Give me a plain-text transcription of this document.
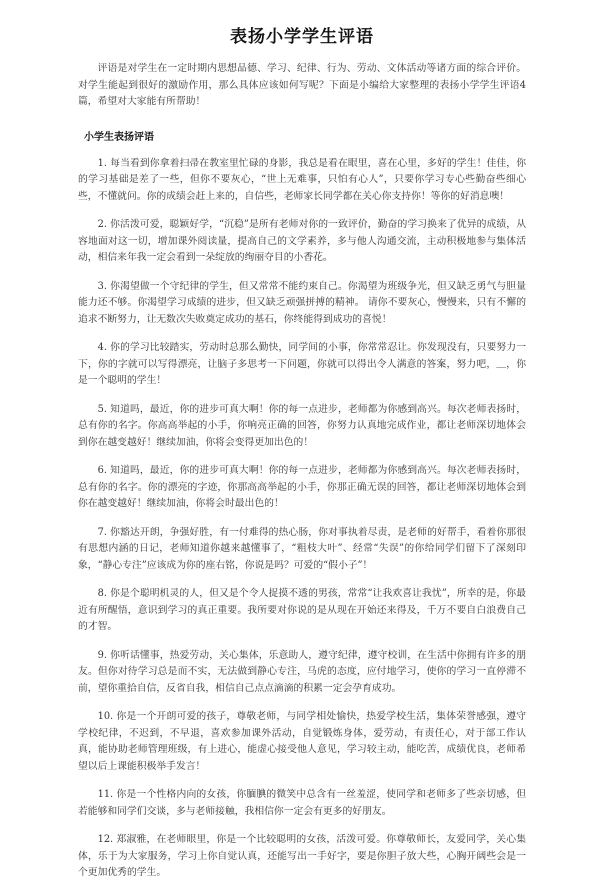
表扬小学学生评语

评语是对学生在一定时期内思想品德、学习、纪律、行为、劳动、文体活动等诸方面的综合评价。对学生能起到很好的激励作用，那么具体应该如何写呢？下面是小编给大家整理的表扬小学学生评语4篇，希望对大家能有所帮助！

小学生表扬评语

1. 每当看到你拿着扫帚在教室里忙碌的身影，我总是看在眼里，喜在心里，多好的学生！佳佳，你的学习基础是差了一些，但你不要灰心，“世上无难事，只怕有心人”，只要你学习专心些勤奋些细心些，不懂就问。你的成绩会赶上来的，自信些，老师家长同学都在关心你支持你！等你的好消息噢！

2. 你活泼可爱，聪颖好学，“沉稳”是所有老师对你的一致评价，勤奋的学习换来了优异的成绩，从容地面对这一切，增加课外阅读量，提高自己的文学素养，多与他人沟通交流，主动积极地参与集体活动，相信来年我一定会看到一朵绽放的绚丽夺目的小香花。

3. 你渴望做一个守纪律的学生，但又常常不能约束自己。你渴望为班级争光，但又缺乏勇气与胆量能力还不够。你渴望学习成绩的进步，但又缺乏顽强拼搏的精神。 请你不要灰心，慢慢来，只有不懈的追求不断努力，让无数次失败奠定成功的基石，你终能得到成功的喜悦！

4. 你的学习比较踏实，劳动时总那么勤快，同学间的小事，你常常忍让。你发现没有，只要努力一下，你的字就可以写得漂亮，让脑子多思考一下问题，你就可以得出令人满意的答案，努力吧，＿，你是一个聪明的学生！

5. 知道吗，最近，你的进步可真大啊！你的每一点进步，老师都为你感到高兴。每次老师表扬时，总有你的名字。你高高举起的小手，你响亮正确的回答，你努力认真地完成作业，都让老师深切地体会到你在越变越好！继续加油，你将会变得更加出色的！

6. 知道吗，最近，你的进步可真大啊！你的每一点进步，老师都为你感到高兴。每次老师表扬时，总有你的名字。你的漂亮的字迹，你那高高举起的小手，你那正确无误的回答，都让老师深切地体会到你在越变越好！继续加油，你将会时最出色的！

7. 你豁达开朗，争强好胜，有一付难得的热心肠，你对事执着尽责，是老师的好帮手，看着你那很有思想内涵的日记，老师知道你越来越懂事了，“粗枝大叶”、经常“失误”的你给同学们留下了深刻印象，“静心专注”应该成为你的座右铭，你说是吗？可爱的“假小子”！

8. 你是个聪明机灵的人，但又是个令人捉摸不透的男孩，常常“让我欢喜让我忧”，所幸的是，你最近有所醒悟，意识到学习的真正重要。我所要对你说的是从现在开始还来得及，千万不要自白浪费自己的才智。

9. 你听话懂事，热爱劳动，关心集体，乐意助人，遵守纪律，遵守校训，在生活中你拥有许多的朋友。但你对待学习总是而不实，无法做到静心专注，马虎的态度，应付地学习，使你的学习一直停滞不前，望你重拾自信，反省自我，相信自己点点滴滴的积累一定会孕育成功。

10. 你是一个开朗可爱的孩子，尊敬老师，与同学相处愉快，热爱学校生活，集体荣誉感强，遵守学校纪律，不迟到，不早退，喜欢参加课外活动，自觉锻炼身体，爱劳动，有责任心，对于部工作认真，能协助老师管理班级，有上进心，能虚心接受他人意见，学习较主动，能吃苦，成绩优良，老师希望以后上课能积极举手发言！

11. 你是一个性格内向的女孩，你腼腆的微笑中总含有一丝羞涩，使同学和老师多了些亲切感，但若能够和同学们交谈，多与老师接触，我相信你一定会有更多的好朋友。

12. 郑淑雅，在老师眼里，你是一个比较聪明的女孩，活泼可爱。你尊敬师长，友爱同学，关心集体，乐于为大家服务，学习上你自觉认真，还能写出一手好字，要是你胆子放大些，心胸开阔些会是一个更加优秀的学生。
